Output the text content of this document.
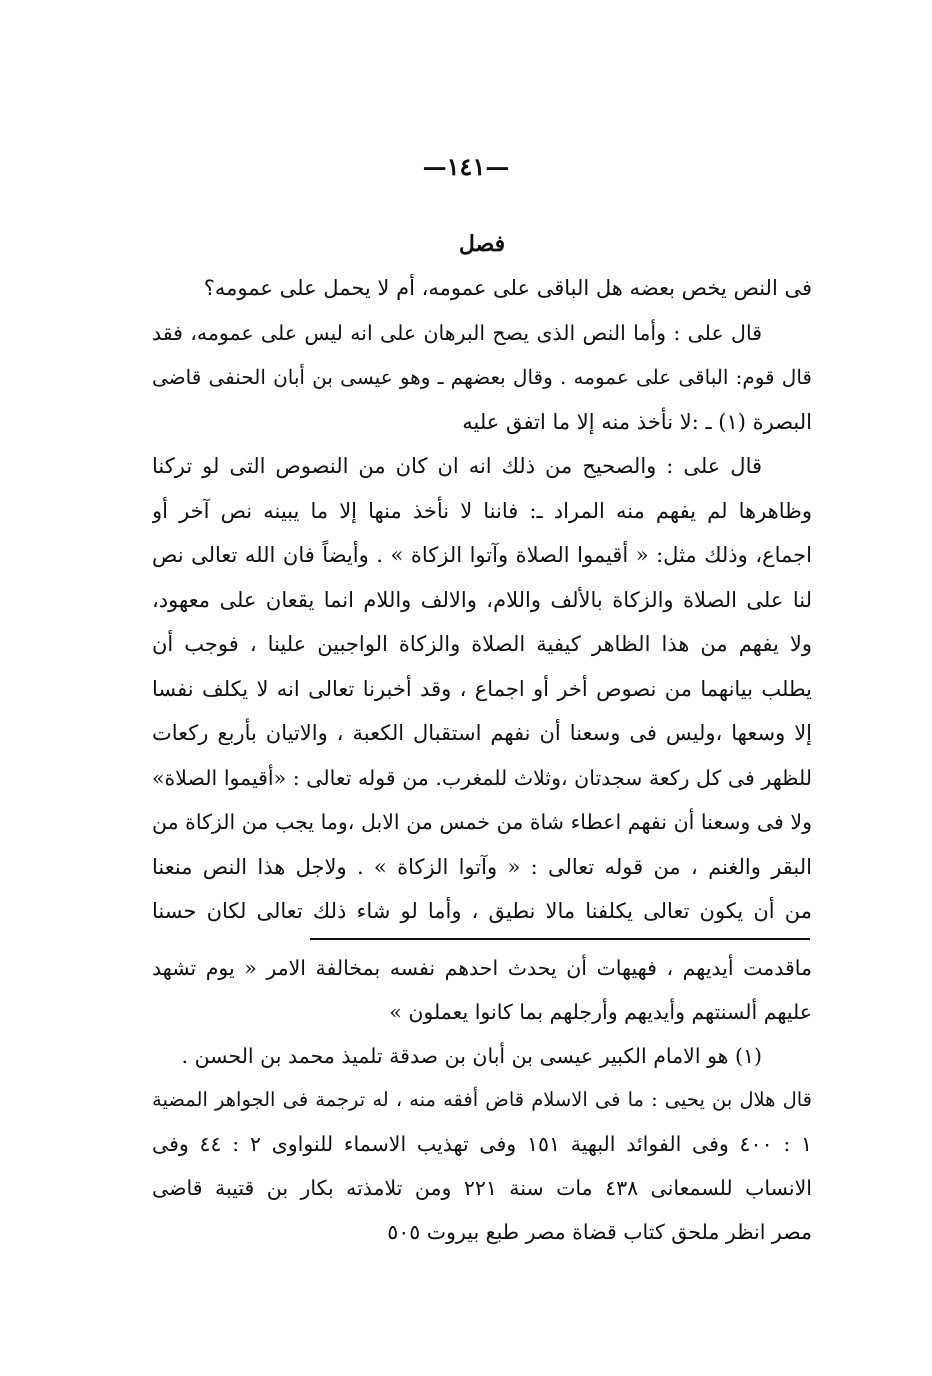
—١٤١—
فصل
فى النص يخص بعضه هل الباقى على عمومه، أم لا يحمل على عمومه؟
قال على : وأما النص الذى يصح البرهان على انه ليس على عمومه، فقد
قال قوم: الباقى على عمومه . وقال بعضهم ـ وهو عيسى بن أبان الحنفى قاضى
البصرة (١) ـ :لا نأخذ منه إلا ما اتفق عليه
قال على : والصحيح من ذلك انه ان كان من النصوص التى لو تركنا
وظاهرها لم يفهم منه المراد ـ: فاننا لا نأخذ منها إلا ما يبينه نص آخر أو
اجماع، وذلك مثل: « أقيموا الصلاة وآتوا الزكاة » . وأيضاً فان الله تعالى نص
لنا على الصلاة والزكاة بالألف واللام، والالف واللام انما يقعان على معهود،
ولا يفهم من هذا الظاهر كيفية الصلاة والزكاة الواجبين علينا ، فوجب أن
يطلب بيانهما من نصوص أخر أو اجماع ، وقد أخبرنا تعالى انه لا يكلف نفسا
إلا وسعها ،وليس فى وسعنا أن نفهم استقبال الكعبة ، والاتيان بأربع ركعات
للظهر فى كل ركعة سجدتان ،وثلاث للمغرب. من قوله تعالى : «أقيموا الصلاة»
ولا فى وسعنا أن نفهم اعطاء شاة من خمس من الابل ،وما يجب من الزكاة من
البقر والغنم ، من قوله تعالى : « وآتوا الزكاة » . ولاجل هذا النص منعنا
من أن يكون تعالى يكلفنا مالا نطيق ، وأما لو شاء ذلك تعالى لكان حسنا
ماقدمت أيديهم ، فهيهات أن يحدث احدهم نفسه بمخالفة الامر « يوم تشهد
عليهم ألسنتهم وأيديهم وأرجلهم بما كانوا يعملون »
(١) هو الامام الكبير عيسى بن أبان بن صدقة تلميذ محمد بن الحسن .
قال هلال بن يحيى : ما فى الاسلام قاض أفقه منه ، له ترجمة فى الجواهر المضية
١ : ٤٠٠ وفى الفوائد البهية ١٥١ وفى تهذيب الاسماء للنواوى ٢ : ٤٤ وفى
الانساب للسمعانى ٤٣٨ مات سنة ٢٢١ ومن تلامذته بكار بن قتيبة قاضى
مصر انظر ملحق كتاب قضاة مصر طبع بيروت ٥٠٥
